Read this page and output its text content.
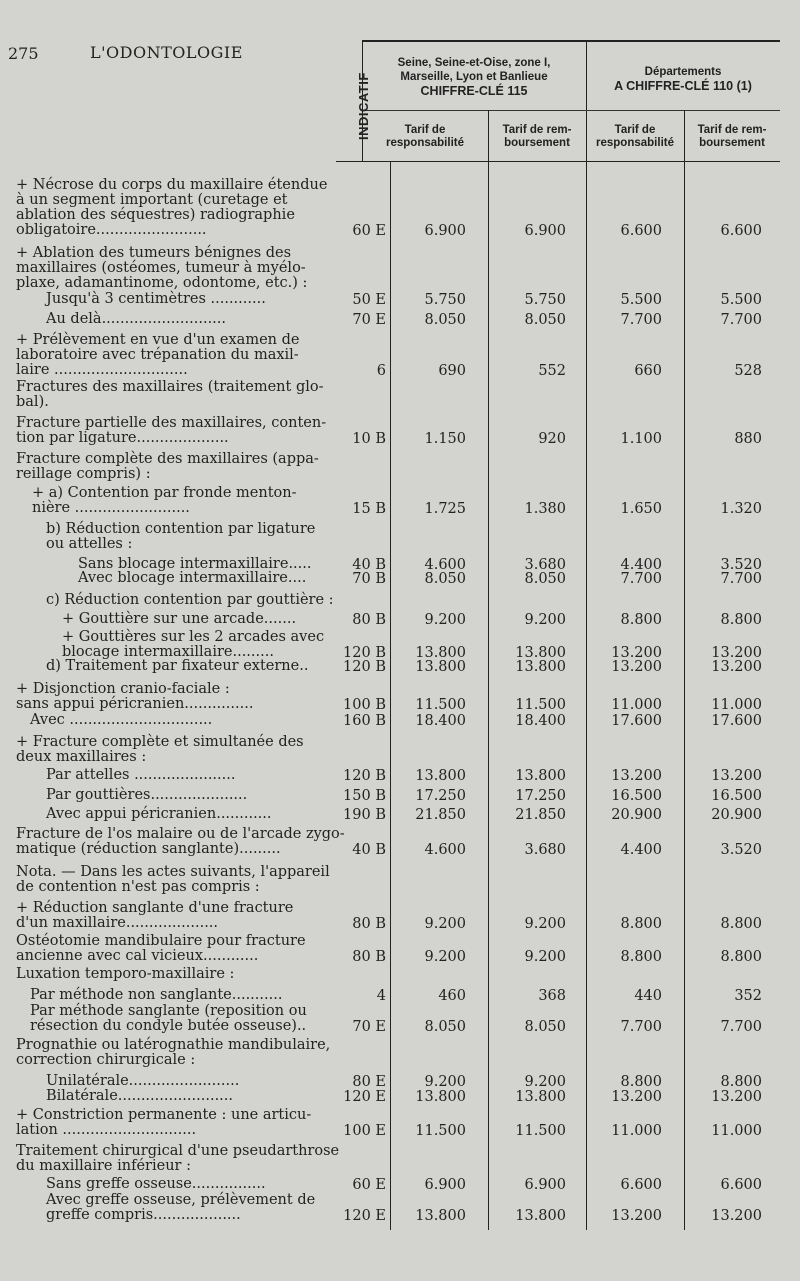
275	L'ODONTOLOGIE
INDICATIF
Seine, Seine-et-Oise, zone I,
Marseille, Lyon et Banlieue
CHIFFRE-CLÉ 115
Départements
A CHIFFRE-CLÉ 110 (1)
Tarif de
responsabilité
Tarif de rem-
boursement
Tarif de
responsabilité
Tarif de rem-
boursement
+ Nécrose du corps du maxillaire étendue
à un segment important (curetage et
ablation des séquestres) radiographie
obligatoire........................	60 E	6.900	6.900	6.600	6.600
+ Ablation des tumeurs bénignes des
maxillaires (ostéomes, tumeur à myélo-
plaxe, adamantinome, odontome, etc.) :
Jusqu'à 3 centimètres ............	50 E	5.750	5.750	5.500	5.500
Au delà...........................	70 E	8.050	8.050	7.700	7.700
+ Prélèvement en vue d'un examen de
laboratoire avec trépanation du maxil-
laire .............................	6	690	552	660	528
Fractures des maxillaires (traitement glo-
bal).
Fracture partielle des maxillaires, conten-
tion par ligature....................	10 B	1.150	920	1.100	880
Fracture complète des maxillaires (appa-
reillage compris) :
+ a) Contention par fronde menton-
nière .........................	15 B	1.725	1.380	1.650	1.320
b) Réduction contention par ligature
ou attelles :
Sans blocage intermaxillaire.....	40 B	4.600	3.680	4.400	3.520
Avec blocage intermaxillaire....	70 B	8.050	8.050	7.700	7.700
c) Réduction contention par gouttière :
+ Gouttière sur une arcade.......	80 B	9.200	9.200	8.800	8.800
+ Gouttières sur les 2 arcades avec
blocage intermaxillaire.........	120 B	13.800	13.800	13.200	13.200
d) Traitement par fixateur externe..	120 B	13.800	13.800	13.200	13.200
+ Disjonction cranio-faciale :
sans appui péricranien...............	100 B	11.500	11.500	11.000	11.000
Avec ...............................	160 B	18.400	18.400	17.600	17.600
+ Fracture complète et simultanée des
deux maxillaires :
Par attelles ......................	120 B	13.800	13.800	13.200	13.200
Par gouttières.....................	150 B	17.250	17.250	16.500	16.500
Avec appui péricranien............	190 B	21.850	21.850	20.900	20.900
Fracture de l'os malaire ou de l'arcade zygo-
matique (réduction sanglante).........	40 B	4.600	3.680	4.400	3.520
Nota. — Dans les actes suivants, l'appareil
de contention n'est pas compris :
+ Réduction sanglante d'une fracture
d'un maxillaire....................	80 B	9.200	9.200	8.800	8.800
Ostéotomie mandibulaire pour fracture
ancienne avec cal vicieux............	80 B	9.200	9.200	8.800	8.800
Luxation temporo-maxillaire :
Par méthode non sanglante...........	4	460	368	440	352
Par méthode sanglante (reposition ou
résection du condyle butée osseuse)..	70 E	8.050	8.050	7.700	7.700
Prognathie ou latérognathie mandibulaire,
correction chirurgicale :
Unilatérale........................	80 E	9.200	9.200	8.800	8.800
Bilatérale.........................	120 E	13.800	13.800	13.200	13.200
+ Constriction permanente : une articu-
lation .............................	100 E	11.500	11.500	11.000	11.000
Traitement chirurgical d'une pseudarthrose
du maxillaire inférieur :
Sans greffe osseuse................	60 E	6.900	6.900	6.600	6.600
Avec greffe osseuse, prélèvement de
greffe compris...................	120 E	13.800	13.800	13.200	13.200
